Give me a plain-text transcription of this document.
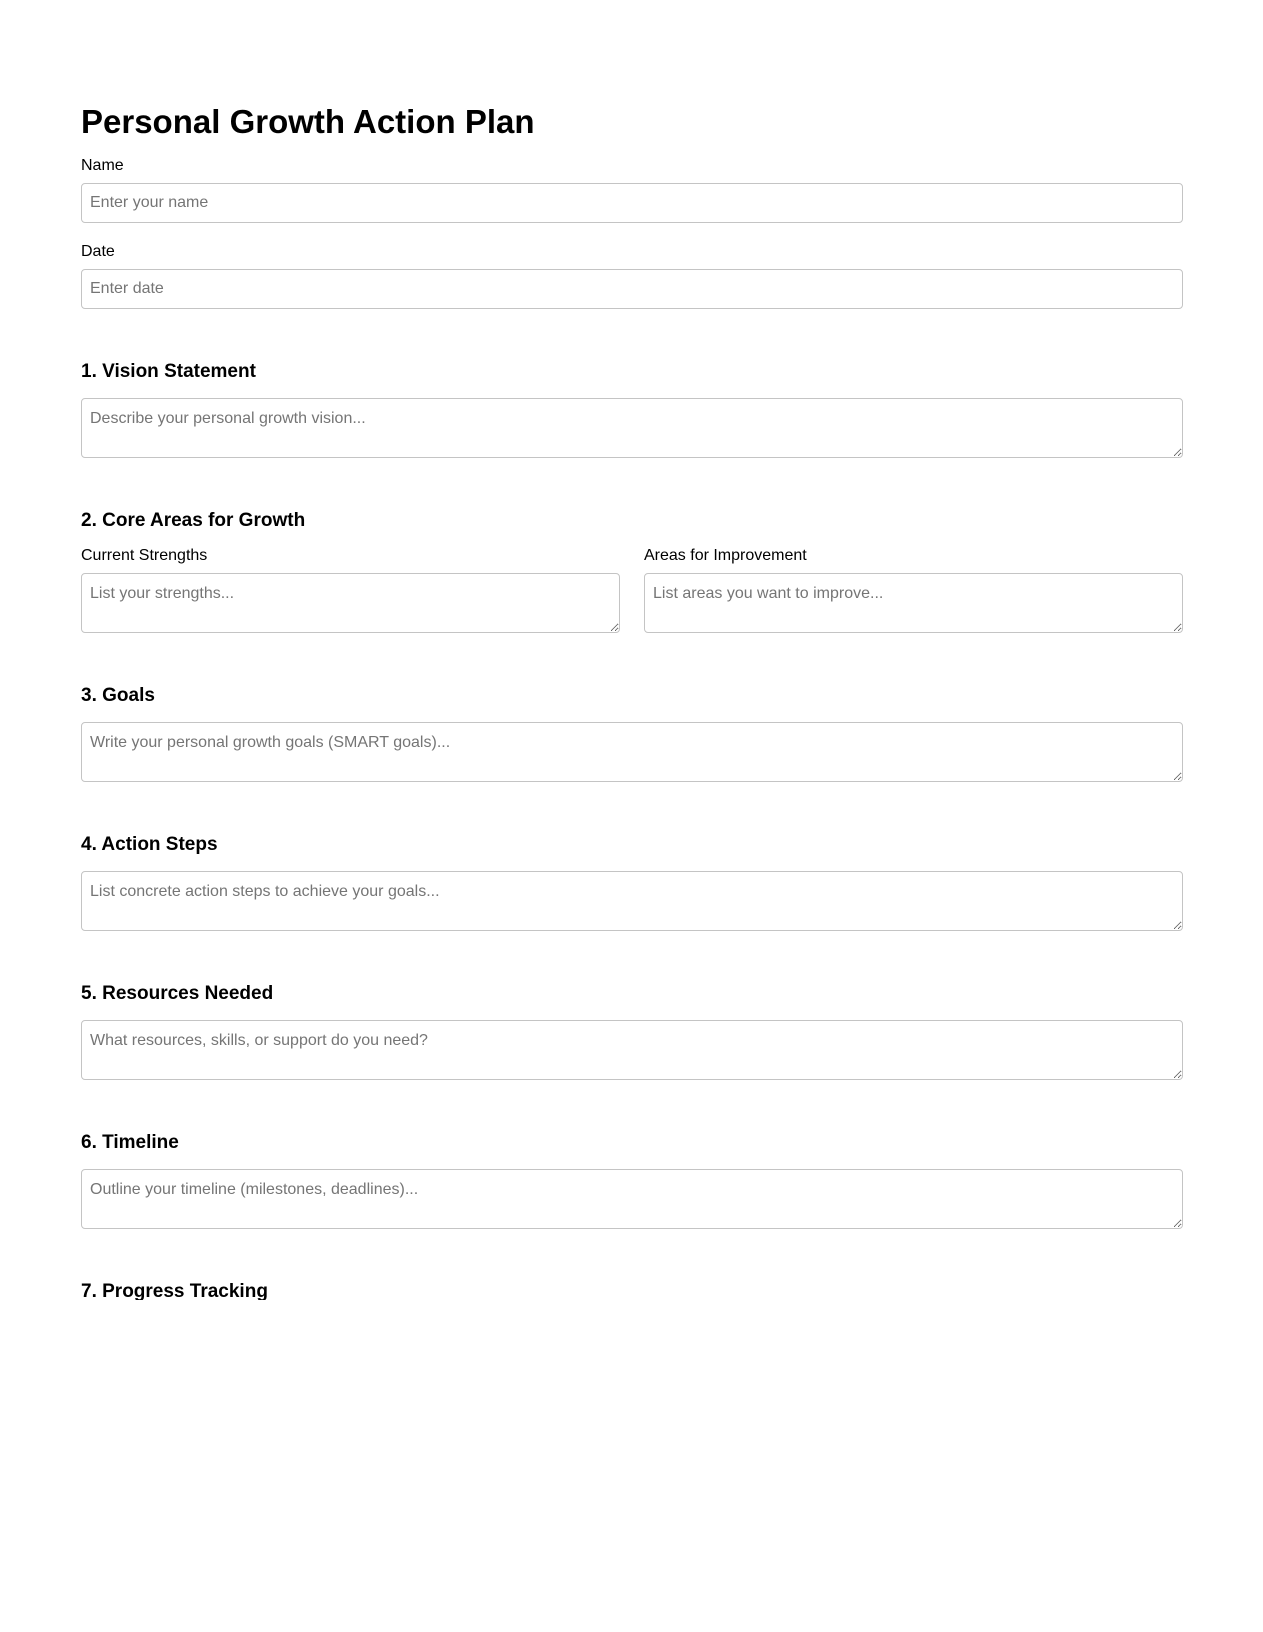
Personal Growth Action Plan
Name
Enter your name
Date
Enter date
1. Vision Statement
Describe your personal growth vision...
2. Core Areas for Growth
Current Strengths	Areas for Improvement
List your strengths...
List areas you want to improve...
3. Goals
Write your personal growth goals (SMART goals)...
4. Action Steps
List concrete action steps to achieve your goals...
5. Resources Needed
What resources, skills, or support do you need?
6. Timeline
Outline your timeline (milestones, deadlines)...
7. Progress Tracking
